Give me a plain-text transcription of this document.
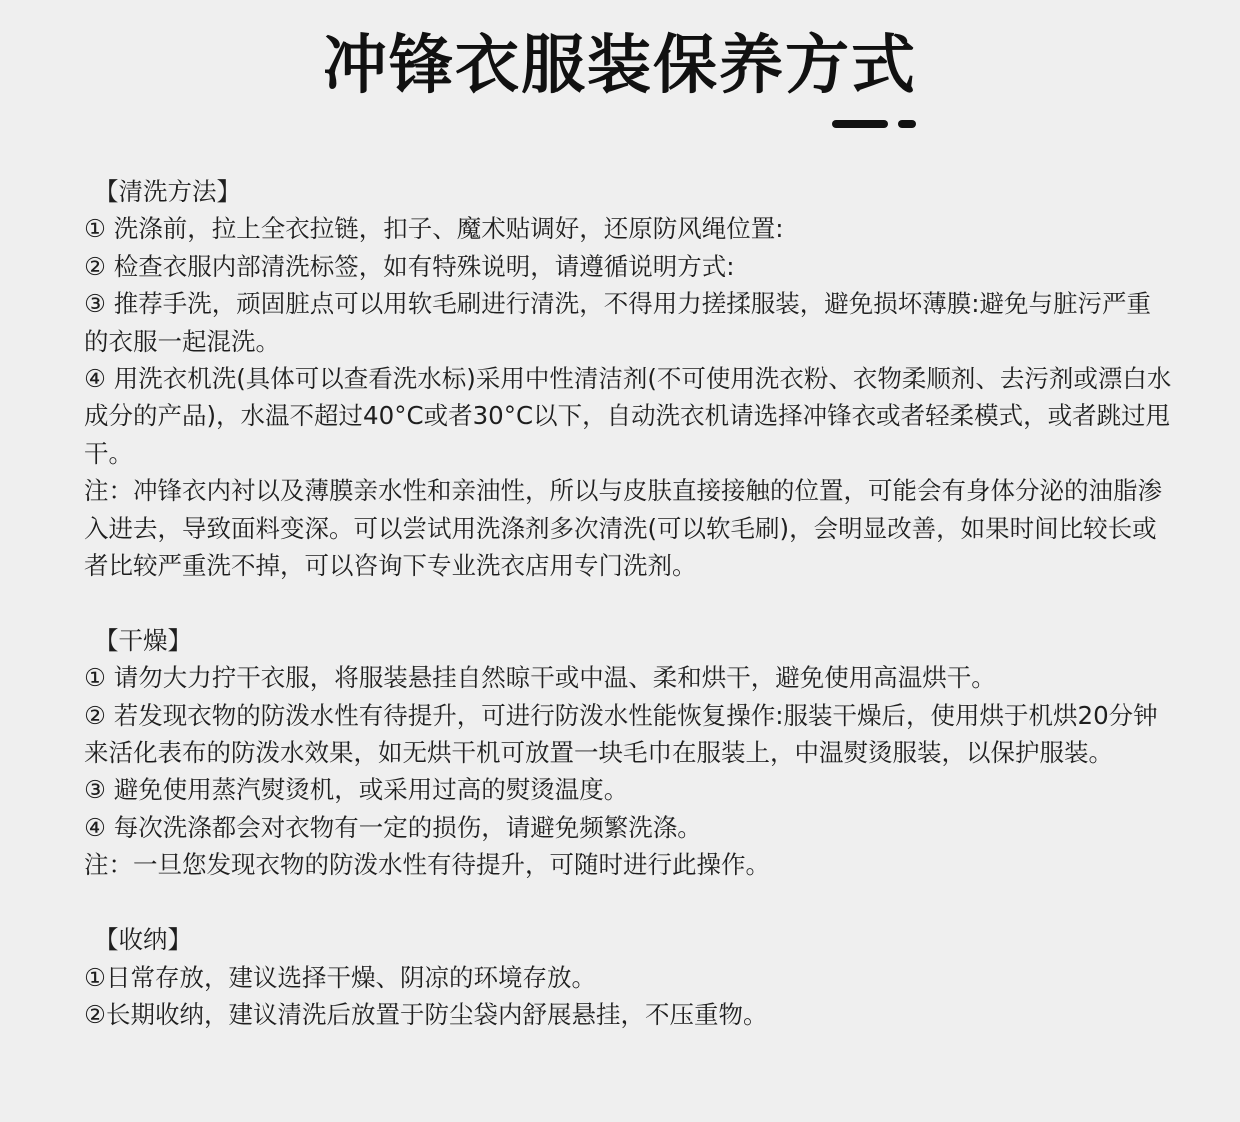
冲锋衣服装保养方式

【清洗方法】

① 洗涤前，拉上全衣拉链，扣子、魔术贴调好，还原防风绳位置:

② 检查衣服内部清洗标签，如有特殊说明，请遵循说明方式:

③ 推荐手洗，顽固脏点可以用软毛刷进行清洗，不得用力搓揉服装，避免损坏薄膜:避免与脏污严重的衣服一起混洗。

④ 用洗衣机洗(具体可以查看洗水标)采用中性清洁剂(不可使用洗衣粉、衣物柔顺剂、去污剂或漂白水成分的产品)，水温不超过40°C或者30°C以下，自动洗衣机请选择冲锋衣或者轻柔模式，或者跳过甩干。

注：冲锋衣内衬以及薄膜亲水性和亲油性，所以与皮肤直接接触的位置，可能会有身体分泌的油脂渗入进去，导致面料变深。可以尝试用洗涤剂多次清洗(可以软毛刷)，会明显改善，如果时间比较长或者比较严重洗不掉，可以咨询下专业洗衣店用专门洗剂。

【干燥】

① 请勿大力拧干衣服，将服装悬挂自然晾干或中温、柔和烘干，避免使用高温烘干。

② 若发现衣物的防泼水性有待提升，可进行防泼水性能恢复操作:服装干燥后，使用烘于机烘20分钟来活化表布的防泼水效果，如无烘干机可放置一块毛巾在服装上，中温熨烫服装，以保护服装。

③ 避免使用蒸汽熨烫机，或采用过高的熨烫温度。

④ 每次洗涤都会对衣物有一定的损伤，请避免频繁洗涤。

注：一旦您发现衣物的防泼水性有待提升，可随时进行此操作。

【收纳】

①日常存放，建议选择干燥、阴凉的环境存放。

②长期收纳，建议清洗后放置于防尘袋内舒展悬挂，不压重物。
